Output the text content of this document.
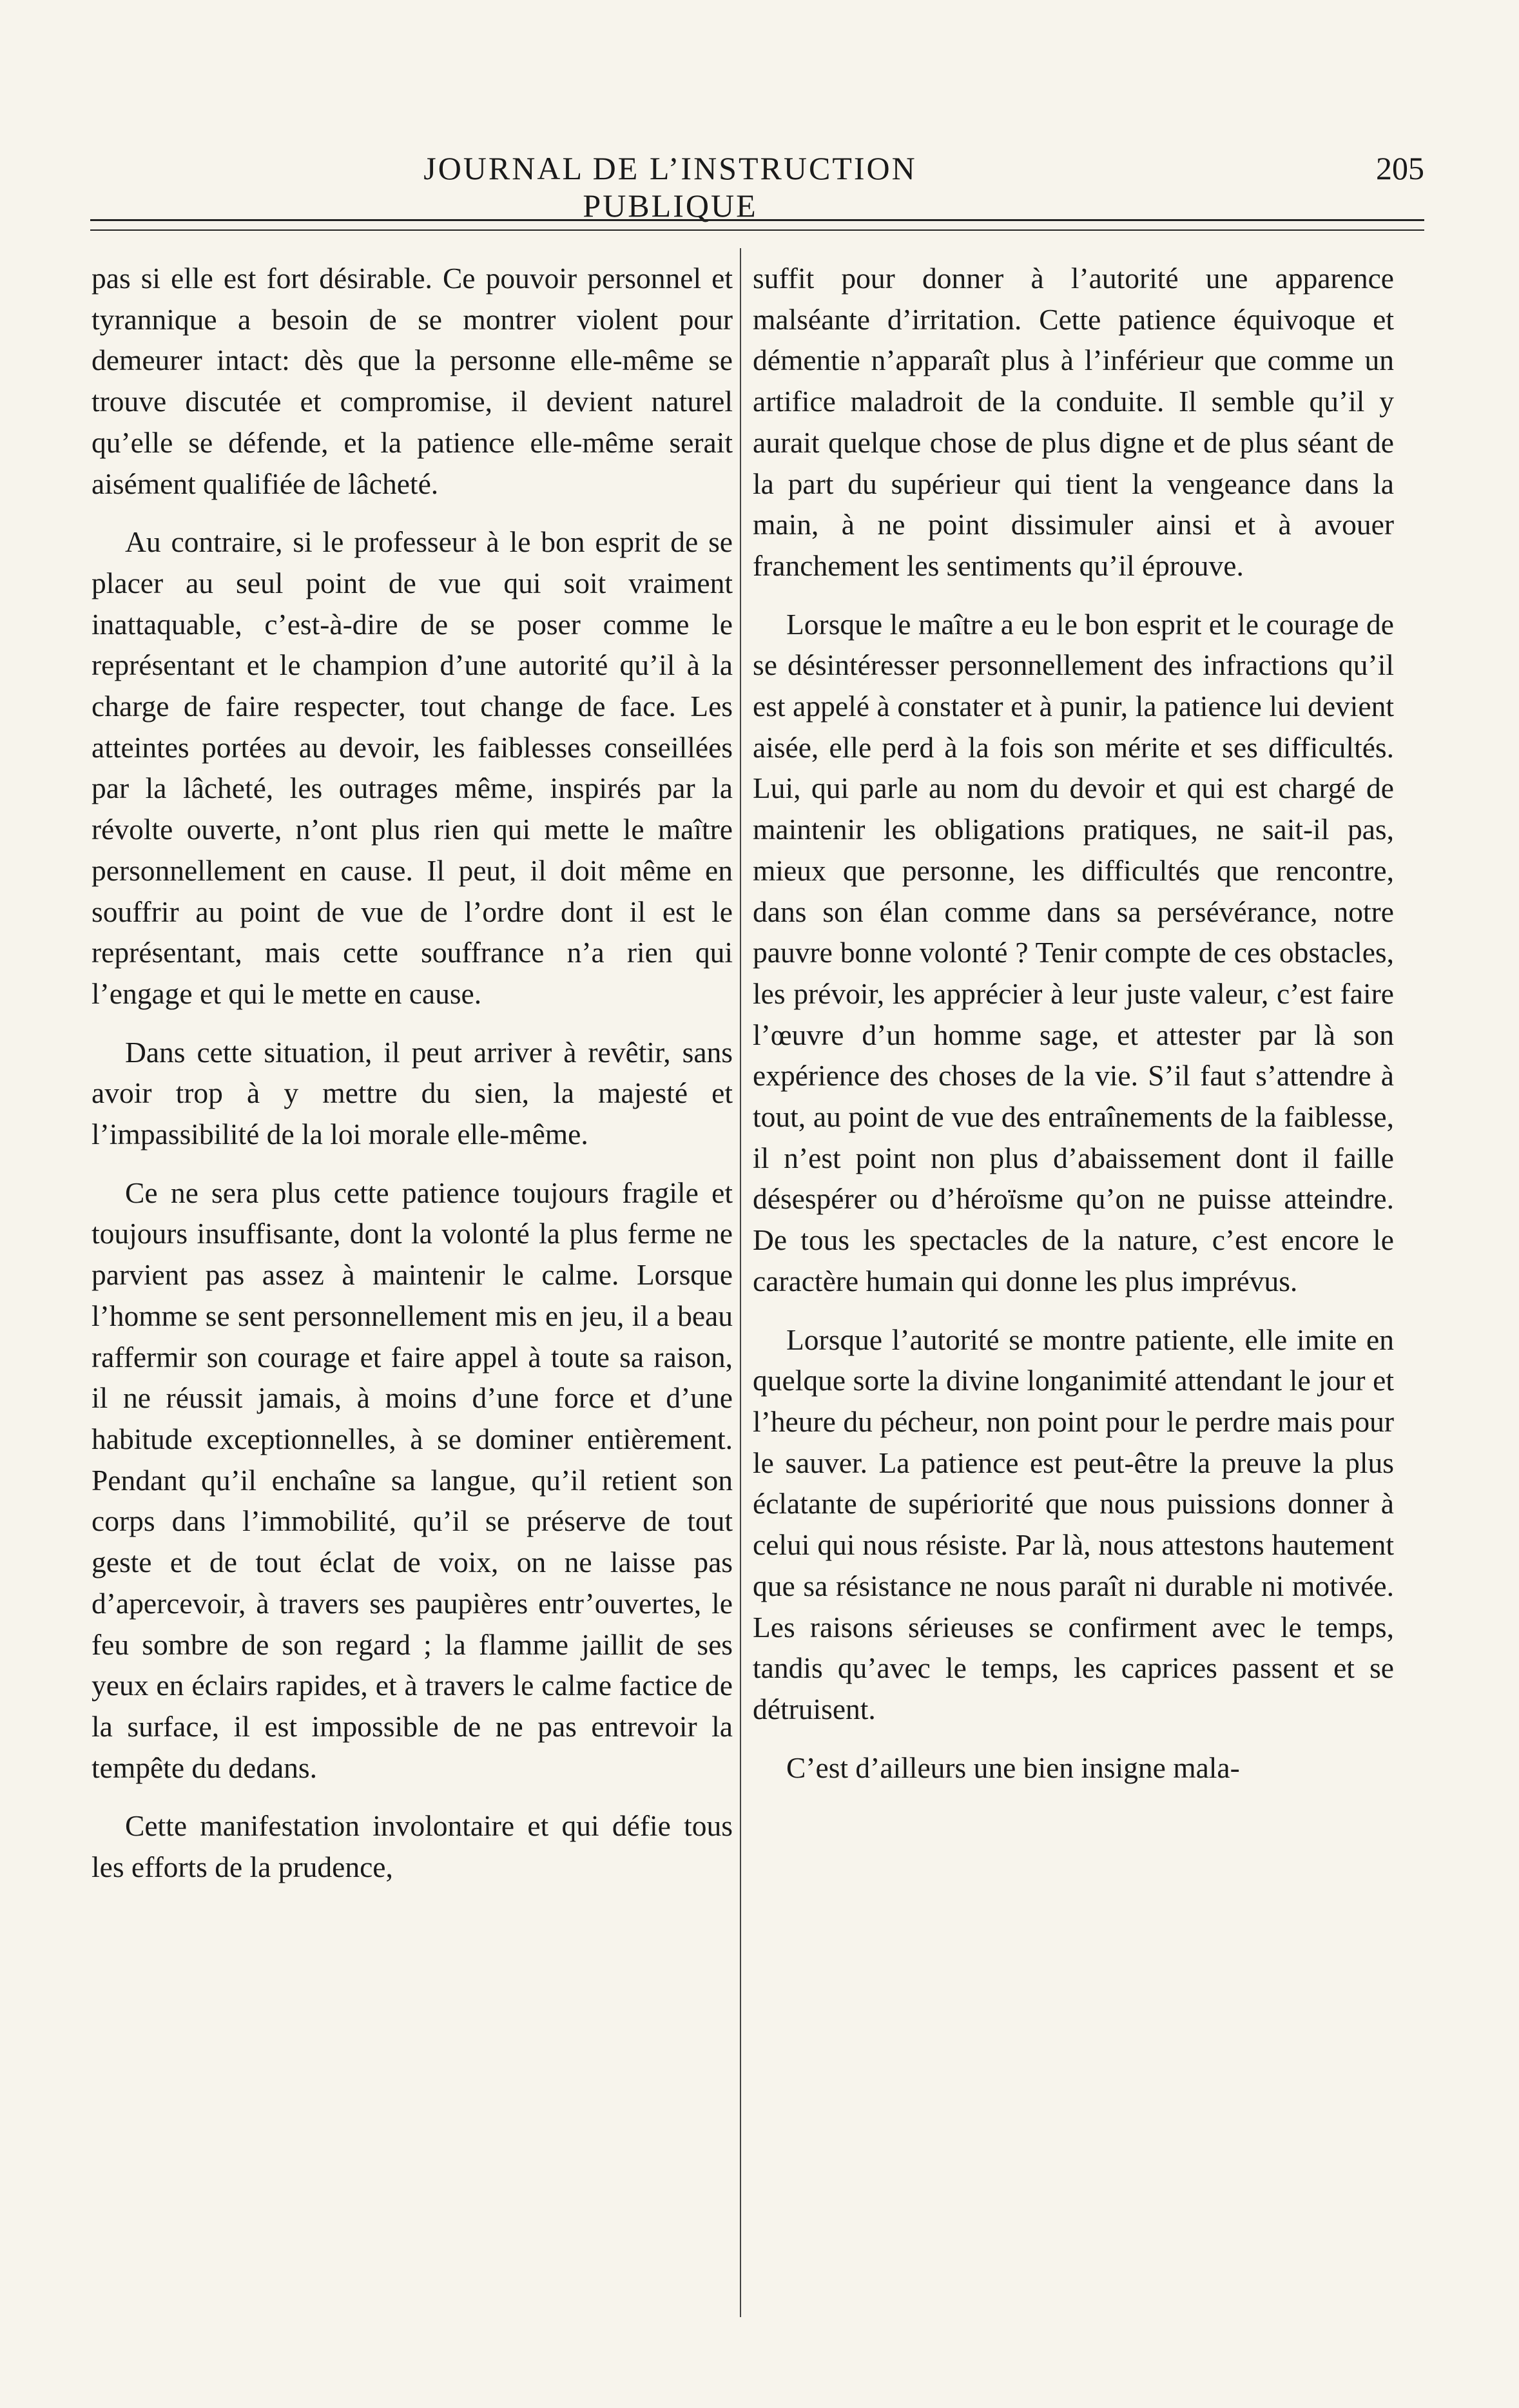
JOURNAL DE L’INSTRUCTION PUBLIQUE
205

pas si elle est fort désirable. Ce pouvoir personnel et tyrannique a besoin de se montrer violent pour demeurer intact: dès que la personne elle-même se trouve discutée et compromise, il devient naturel qu’elle se défende, et la patience elle-même serait aisément qualifiée de lâcheté.

Au contraire, si le professeur à le bon esprit de se placer au seul point de vue qui soit vraiment inattaquable, c’est-à-dire de se poser comme le représentant et le champion d’une autorité qu’il à la charge de faire respecter, tout change de face. Les atteintes portées au devoir, les faiblesses conseillées par la lâcheté, les outrages même, inspirés par la révolte ouverte, n’ont plus rien qui mette le maître personnellement en cause. Il peut, il doit même en souffrir au point de vue de l’ordre dont il est le représentant, mais cette souffrance n’a rien qui l’engage et qui le mette en cause.

Dans cette situation, il peut arriver à revêtir, sans avoir trop à y mettre du sien, la majesté et l’impassibilité de la loi morale elle-même.

Ce ne sera plus cette patience toujours fragile et toujours insuffisante, dont la volonté la plus ferme ne parvient pas assez à maintenir le calme. Lorsque l’homme se sent personnellement mis en jeu, il a beau raffermir son courage et faire appel à toute sa raison, il ne réussit jamais, à moins d’une force et d’une habitude exceptionnelles, à se dominer entièrement. Pendant qu’il enchaîne sa langue, qu’il retient son corps dans l’immobilité, qu’il se préserve de tout geste et de tout éclat de voix, on ne laisse pas d’apercevoir, à travers ses paupières entr’ouvertes, le feu sombre de son regard ; la flamme jaillit de ses yeux en éclairs rapides, et à travers le calme factice de la surface, il est impossible de ne pas entrevoir la tempête du dedans.

Cette manifestation involontaire et qui défie tous les efforts de la prudence,

suffit pour donner à l’autorité une apparence malséante d’irritation. Cette patience équivoque et démentie n’apparaît plus à l’inférieur que comme un artifice maladroit de la conduite. Il semble qu’il y aurait quelque chose de plus digne et de plus séant de la part du supérieur qui tient la vengeance dans la main, à ne point dissimuler ainsi et à avouer franchement les sentiments qu’il éprouve.

Lorsque le maître a eu le bon esprit et le courage de se désintéresser personnellement des infractions qu’il est appelé à constater et à punir, la patience lui devient aisée, elle perd à la fois son mérite et ses difficultés. Lui, qui parle au nom du devoir et qui est chargé de maintenir les obligations pratiques, ne sait-il pas, mieux que personne, les difficultés que rencontre, dans son élan comme dans sa persévérance, notre pauvre bonne volonté ? Tenir compte de ces obstacles, les prévoir, les apprécier à leur juste valeur, c’est faire l’œuvre d’un homme sage, et attester par là son expérience des choses de la vie. S’il faut s’attendre à tout, au point de vue des entraînements de la faiblesse, il n’est point non plus d’abaissement dont il faille désespérer ou d’héroïsme qu’on ne puisse atteindre. De tous les spectacles de la nature, c’est encore le caractère humain qui donne les plus imprévus.

Lorsque l’autorité se montre patiente, elle imite en quelque sorte la divine longanimité attendant le jour et l’heure du pécheur, non point pour le perdre mais pour le sauver. La patience est peut-être la preuve la plus éclatante de supériorité que nous puissions donner à celui qui nous résiste. Par là, nous attestons hautement que sa résistance ne nous paraît ni durable ni motivée. Les raisons sérieuses se confirment avec le temps, tandis qu’avec le temps, les caprices passent et se détruisent.

C’est d’ailleurs une bien insigne mala-
